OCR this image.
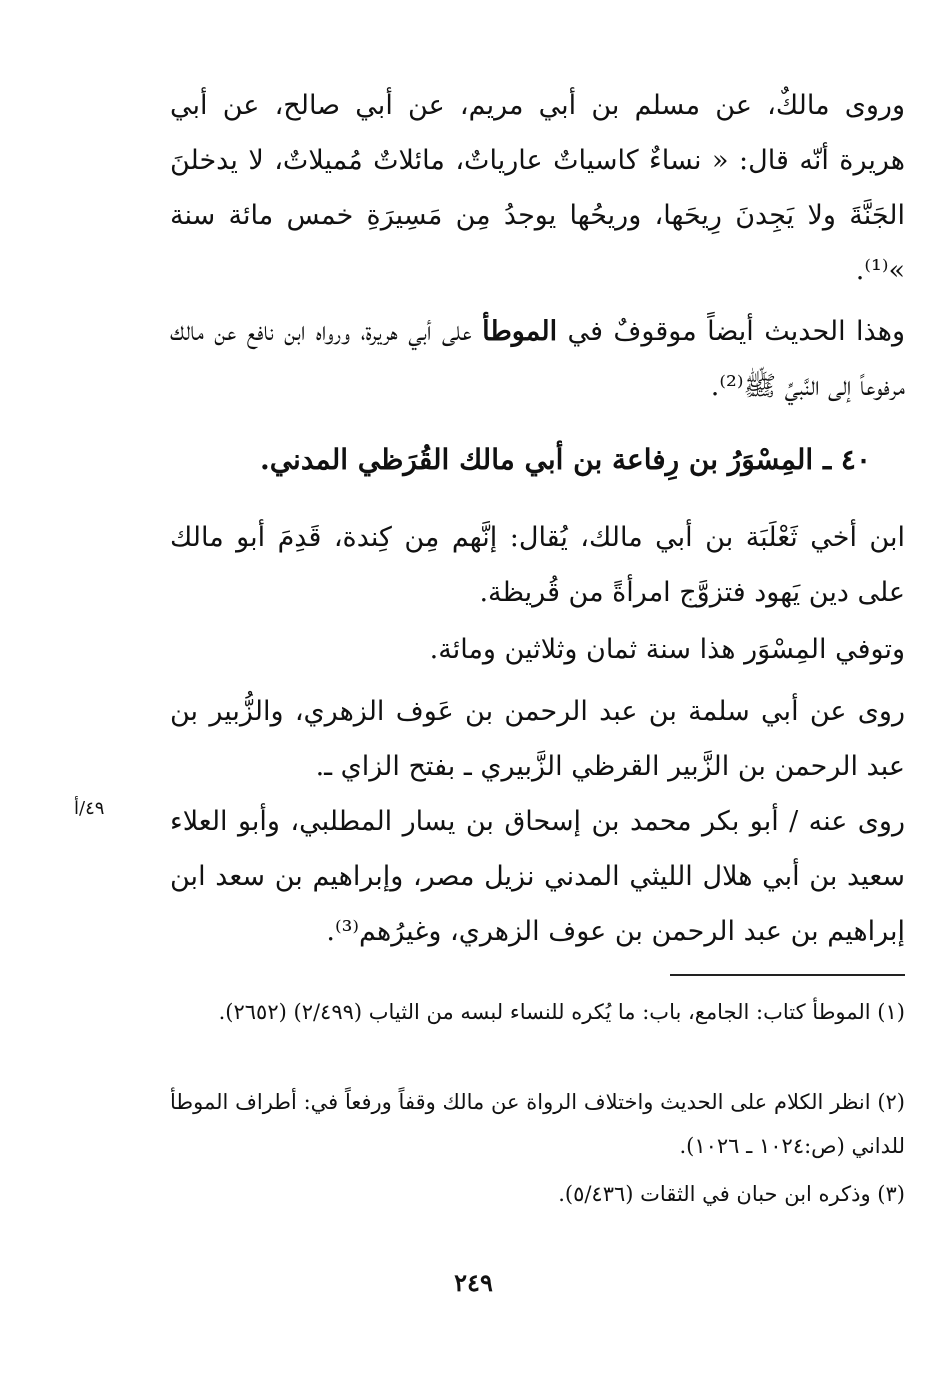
وروى مالكٌ، عن مسلم بن أبي مريم، عن أبي صالح، عن أبي هريرة أنّه قال: « نساءٌ كاسياتٌ عارياتٌ، مائلاتٌ مُميلاتٌ، لا يدخلنَ الجَنَّةَ ولا يَجِدنَ رِيحَها، وريحُها يوجدُ مِن مَسِيرَةِ خمس مائة سنة »⁽¹⁾.

وهذا الحديث أيضاً موقوفٌ في الموطأ على أبي هريرة، ورواه ابن نافع عن مالك مرفوعاً إلى النَّبيِّ ﷺ⁽²⁾.

٤٠ ـ المِسْوَرُ بن رِفاعة بن أبي مالك القُرَظي المدني.

ابن أخي ثَعْلَبَة بن أبي مالك، يُقال: إنَّهم مِن كِندة، قَدِمَ أبو مالك على دين يَهود فتزوَّج امرأةً من قُريظة.

وتوفي المِسْوَر هذا سنة ثمان وثلاثين ومائة.

روى عن أبي سلمة بن عبد الرحمن بن عَوف الزهري، والزُّبير بن عبد الرحمن بن الزَّبير القرظي الزَّبيري ـ بفتح الزاي ـ.

٤٩/أ روى عنه / أبو بكر محمد بن إسحاق بن يسار المطلبي، وأبو العلاء سعيد بن أبي هلال الليثي المدني نزيل مصر، وإبراهيم بن سعد ابن إبراهيم بن عبد الرحمن بن عوف الزهري، وغيرُهم⁽³⁾.

(١) الموطأ كتاب: الجامع، باب: ما يُكره للنساء لبسه من الثياب (٢/٤٩٩) (٢٦٥٢).

(٢) انظر الكلام على الحديث واختلاف الرواة عن مالك وقفاً ورفعاً في: أطراف الموطأ للداني (ص:١٠٢٤ ـ ١٠٢٦).

(٣) وذكره ابن حبان في الثقات (٥/٤٣٦).

٢٤٩
